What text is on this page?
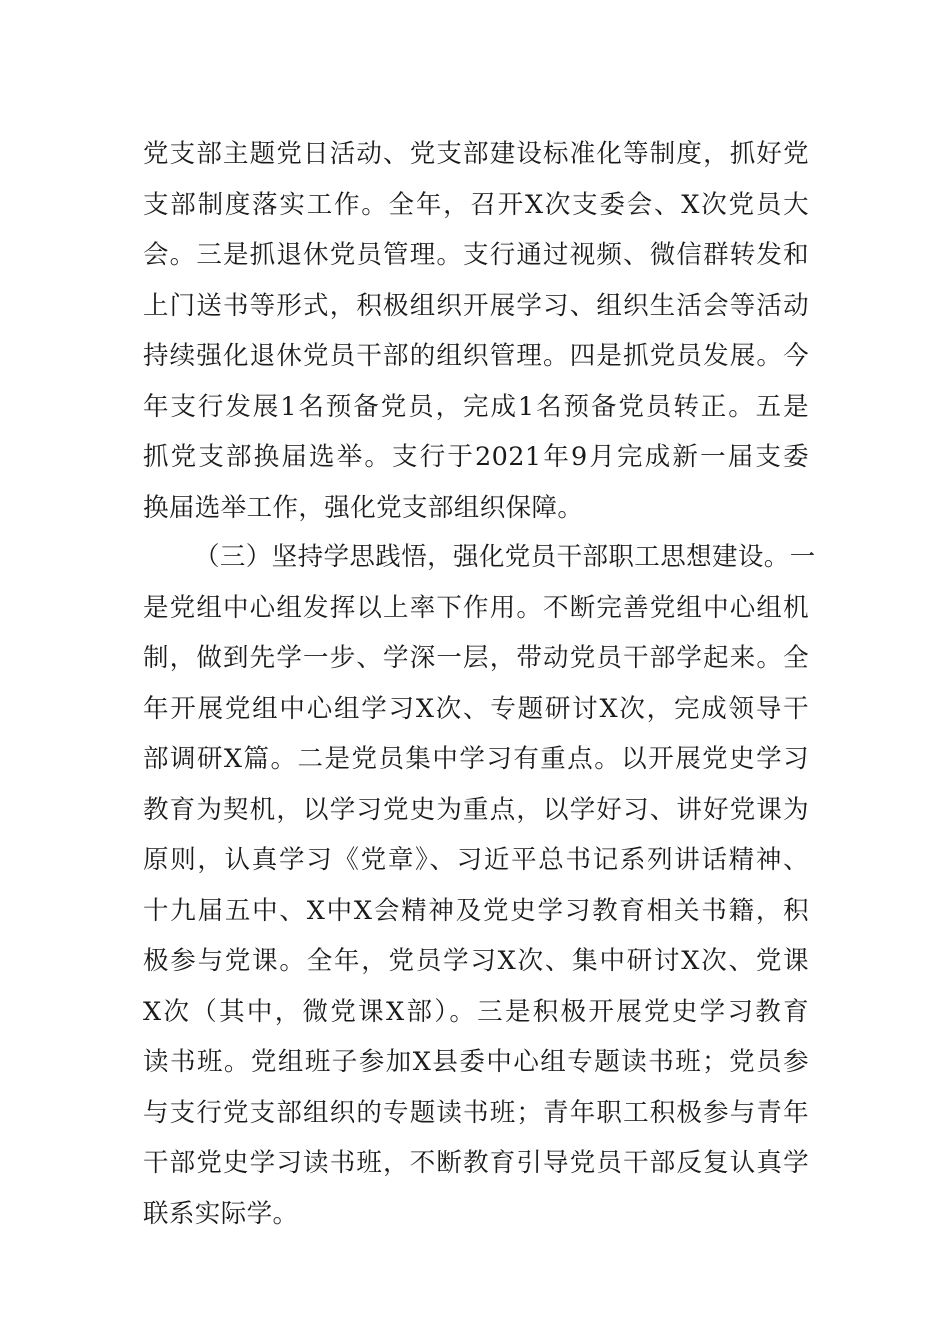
党支部主题党日活动、党支部建设标准化等制度，抓好党
支部制度落实工作。全年，召开X次支委会、X次党员大
会。三是抓退休党员管理。支行通过视频、微信群转发和
上门送书等形式，积极组织开展学习、组织生活会等活动
持续强化退休党员干部的组织管理。四是抓党员发展。今
年支行发展1名预备党员，完成1名预备党员转正。五是
抓党支部换届选举。支行于2021年9月完成新一届支委
换届选举工作，强化党支部组织保障。
（三）坚持学思践悟，强化党员干部职工思想建设。一
是党组中心组发挥以上率下作用。不断完善党组中心组机
制，做到先学一步、学深一层，带动党员干部学起来。全
年开展党组中心组学习X次、专题研讨X次，完成领导干
部调研X篇。二是党员集中学习有重点。以开展党史学习
教育为契机，以学习党史为重点，以学好习、讲好党课为
原则，认真学习《党章》、习近平总书记系列讲话精神、
十九届五中、X中X会精神及党史学习教育相关书籍，积
极参与党课。全年，党员学习X次、集中研讨X次、党课
X次（其中，微党课X部）。三是积极开展党史学习教育
读书班。党组班子参加X县委中心组专题读书班；党员参
与支行党支部组织的专题读书班；青年职工积极参与青年
干部党史学习读书班，不断教育引导党员干部反复认真学
联系实际学。
